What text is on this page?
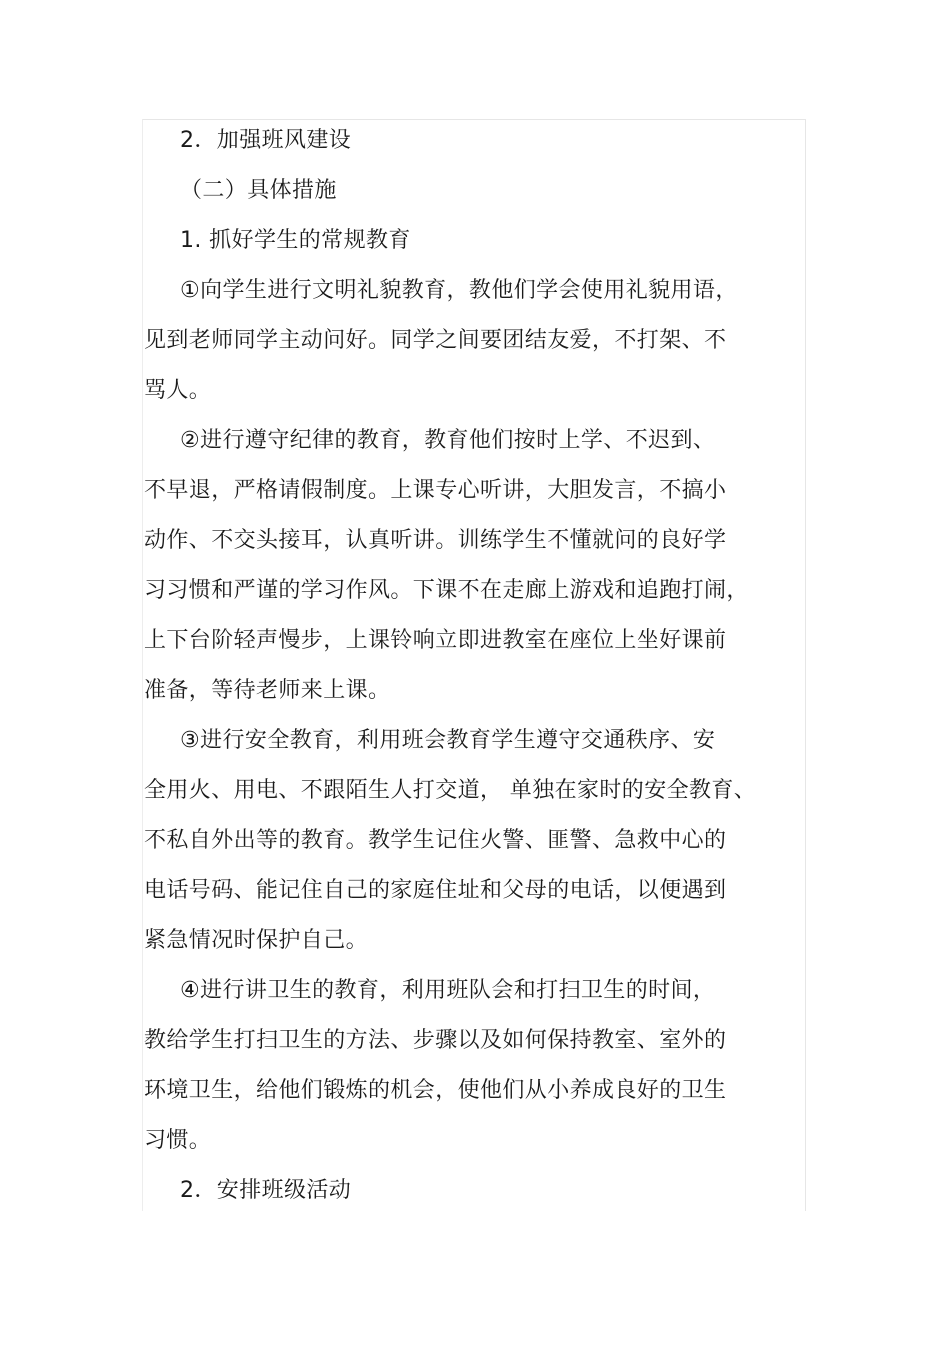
2．加强班风建设
（二）具体措施
1. 抓好学生的常规教育
①向学生进行文明礼貌教育，教他们学会使用礼貌用语，
见到老师同学主动问好。同学之间要团结友爱，不打架、不
骂人。
②进行遵守纪律的教育，教育他们按时上学、不迟到、
不早退，严格请假制度。上课专心听讲，大胆发言，不搞小
动作、不交头接耳，认真听讲。训练学生不懂就问的良好学
习习惯和严谨的学习作风。下课不在走廊上游戏和追跑打闹，
上下台阶轻声慢步，上课铃响立即进教室在座位上坐好课前
准备，等待老师来上课。
③进行安全教育，利用班会教育学生遵守交通秩序、安
全用火、用电、不跟陌生人打交道， 单独在家时的安全教育、
不私自外出等的教育。教学生记住火警、匪警、急救中心的
电话号码、能记住自己的家庭住址和父母的电话，以便遇到
紧急情况时保护自己。
④进行讲卫生的教育，利用班队会和打扫卫生的时间，
教给学生打扫卫生的方法、步骤以及如何保持教室、室外的
环境卫生，给他们锻炼的机会，使他们从小养成良好的卫生
习惯。
2．安排班级活动
